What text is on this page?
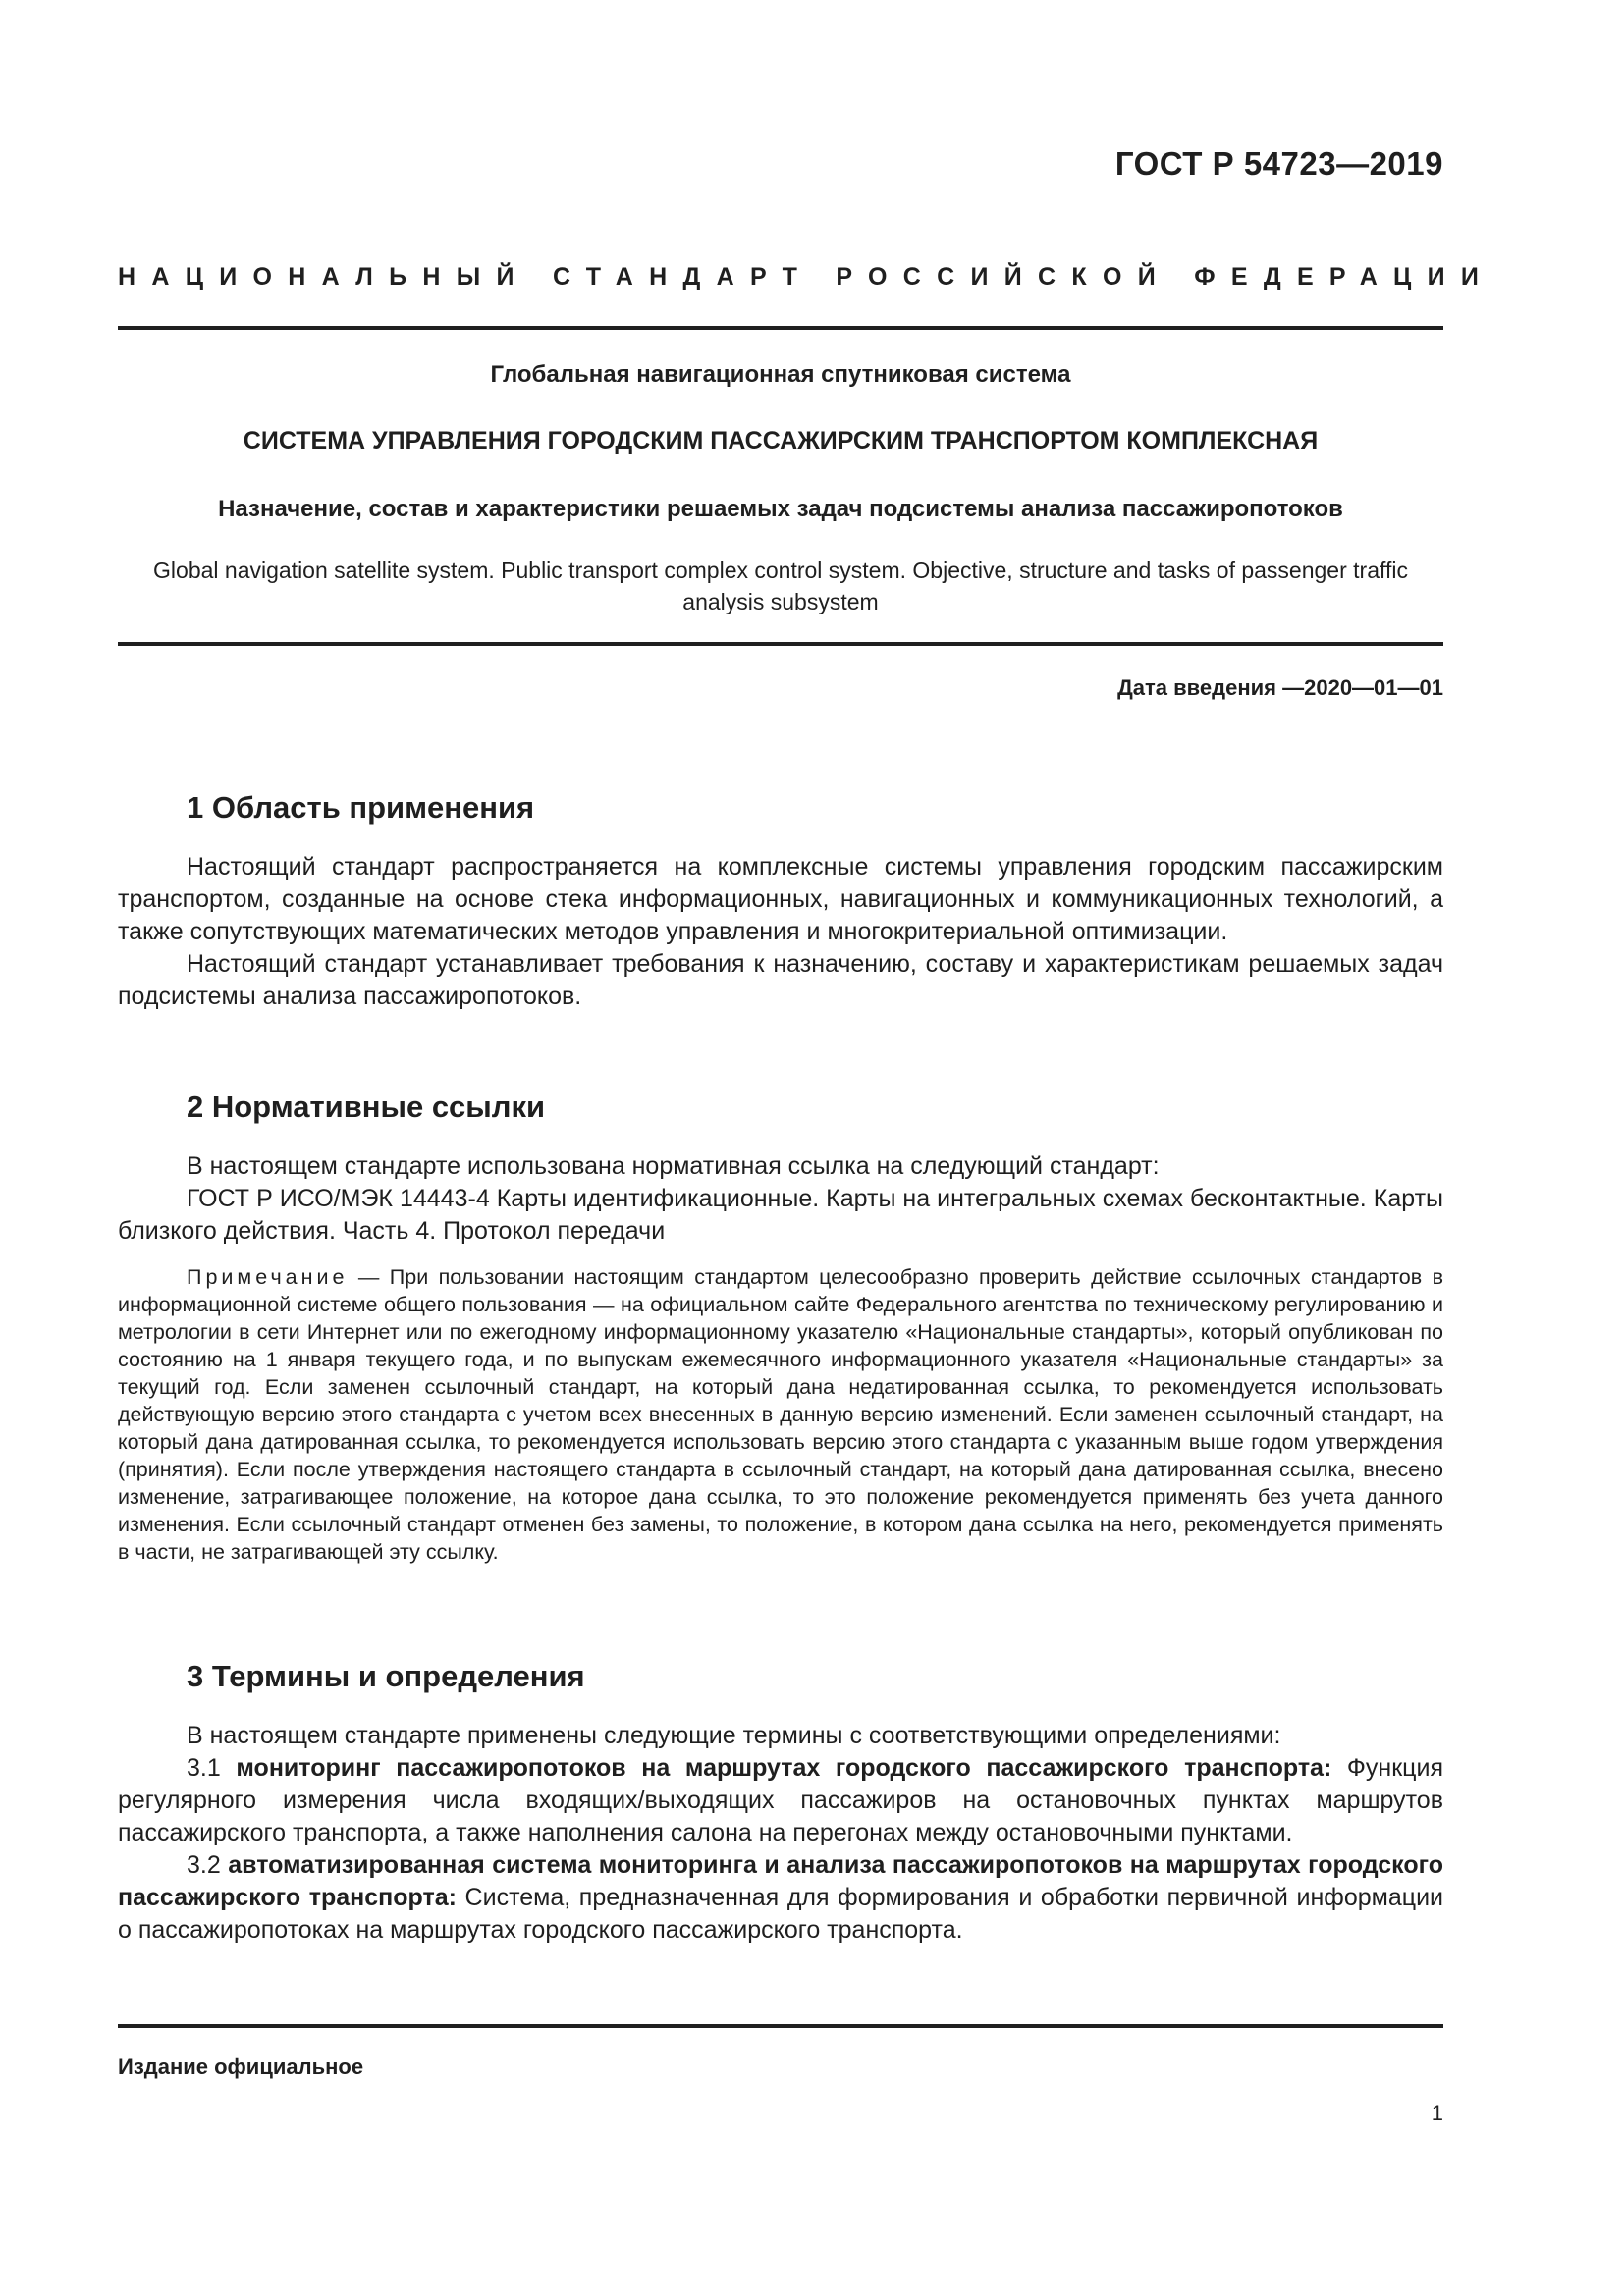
ГОСТ Р 54723—2019
НАЦИОНАЛЬНЫЙ СТАНДАРТ РОССИЙСКОЙ ФЕДЕРАЦИИ
Глобальная навигационная спутниковая система
СИСТЕМА УПРАВЛЕНИЯ ГОРОДСКИМ ПАССАЖИРСКИМ ТРАНСПОРТОМ КОМПЛЕКСНАЯ
Назначение, состав и характеристики решаемых задач подсистемы анализа пассажиропотоков
Global navigation satellite system. Public transport complex control system. Objective, structure and tasks of passenger traffic analysis subsystem
Дата введения —2020—01—01
1 Область применения

Настоящий стандарт распространяется на комплексные системы управления городским пассажирским транспортом, созданные на основе стека информационных, навигационных и коммуникационных технологий, а также сопутствующих математических методов управления и многокритериальной оптимизации.

Настоящий стандарт устанавливает требования к назначению, составу и характеристикам решаемых задач подсистемы анализа пассажиропотоков.

2 Нормативные ссылки

В настоящем стандарте использована нормативная ссылка на следующий стандарт:

ГОСТ Р ИСО/МЭК 14443-4 Карты идентификационные. Карты на интегральных схемах бесконтактные. Карты близкого действия. Часть 4. Протокол передачи

Примечание — При пользовании настоящим стандартом целесообразно проверить действие ссылочных стандартов в информационной системе общего пользования — на официальном сайте Федерального агентства по техническому регулированию и метрологии в сети Интернет или по ежегодному информационному указателю «Национальные стандарты», который опубликован по состоянию на 1 января текущего года, и по выпускам ежемесячного информационного указателя «Национальные стандарты» за текущий год. Если заменен ссылочный стандарт, на который дана недатированная ссылка, то рекомендуется использовать действующую версию этого стандарта с учетом всех внесенных в данную версию изменений. Если заменен ссылочный стандарт, на который дана датированная ссылка, то рекомендуется использовать версию этого стандарта с указанным выше годом утверждения (принятия). Если после утверждения настоящего стандарта в ссылочный стандарт, на который дана датированная ссылка, внесено изменение, затрагивающее положение, на которое дана ссылка, то это положение рекомендуется применять без учета данного изменения. Если ссылочный стандарт отменен без замены, то положение, в котором дана ссылка на него, рекомендуется применять в части, не затрагивающей эту ссылку.

3 Термины и определения

В настоящем стандарте применены следующие термины с соответствующими определениями:

3.1 мониторинг пассажиропотоков на маршрутах городского пассажирского транспорта: Функция регулярного измерения числа входящих/выходящих пассажиров на остановочных пунктах маршрутов пассажирского транспорта, а также наполнения салона на перегонах между остановочными пунктами.

3.2 автоматизированная система мониторинга и анализа пассажиропотоков на маршрутах городского пассажирского транспорта: Система, предназначенная для формирования и обработки первичной информации о пассажиропотоках на маршрутах городского пассажирского транспорта.

Издание официальное
1
